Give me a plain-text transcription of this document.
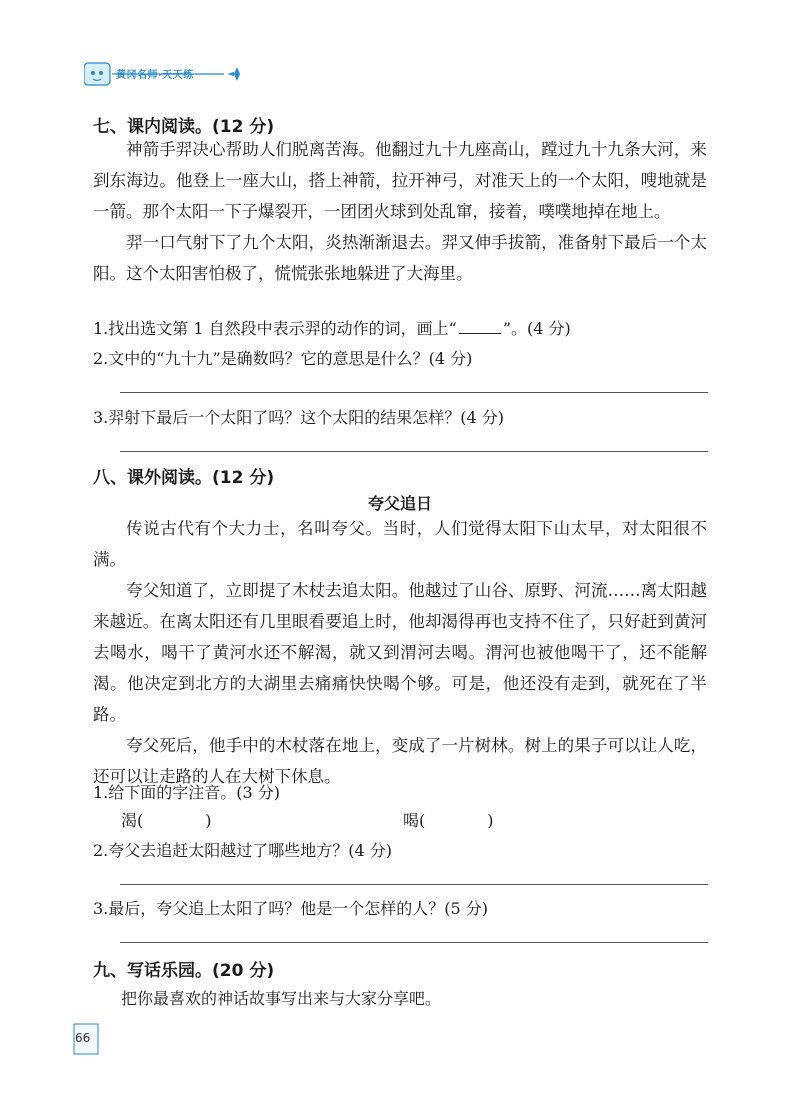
黄冈名师·天天练
七、课内阅读。(12 分)

神箭手羿决心帮助人们脱离苦海。他翻过九十九座高山，蹚过九十九条大河，来到东海边。他登上一座大山，搭上神箭，拉开神弓，对准天上的一个太阳，嗖地就是一箭。那个太阳一下子爆裂开，一团团火球到处乱窜，接着，噗噗地掉在地上。

羿一口气射下了九个太阳，炎热渐渐退去。羿又伸手拔箭，准备射下最后一个太阳。这个太阳害怕极了，慌慌张张地躲进了大海里。

1.找出选文第 1 自然段中表示羿的动作的词，画上“	”。(4 分)
2.文中的“九十九”是确数吗？它的意思是什么？(4 分)
3.羿射下最后一个太阳了吗？这个太阳的结果怎样？(4 分)
八、课外阅读。(12 分)
夸父追日

传说古代有个大力士，名叫夸父。当时，人们觉得太阳下山太早，对太阳很不满。

夸父知道了，立即提了木杖去追太阳。他越过了山谷、原野、河流……离太阳越来越近。在离太阳还有几里眼看要追上时，他却渴得再也支持不住了，只好赶到黄河去喝水，喝干了黄河水还不解渴，就又到渭河去喝。渭河也被他喝干了，还不能解渴。他决定到北方的大湖里去痛痛快快喝个够。可是，他还没有走到，就死在了半路。

夸父死后，他手中的木杖落在地上，变成了一片树林。树上的果子可以让人吃，还可以让走路的人在大树下休息。

1.给下面的字注音。(3 分)
渴(	)	喝(	)
2.夸父去追赶太阳越过了哪些地方？(4 分)
3.最后，夸父追上太阳了吗？他是一个怎样的人？(5 分)
九、写话乐园。(20 分)
把你最喜欢的神话故事写出来与大家分享吧。
66
